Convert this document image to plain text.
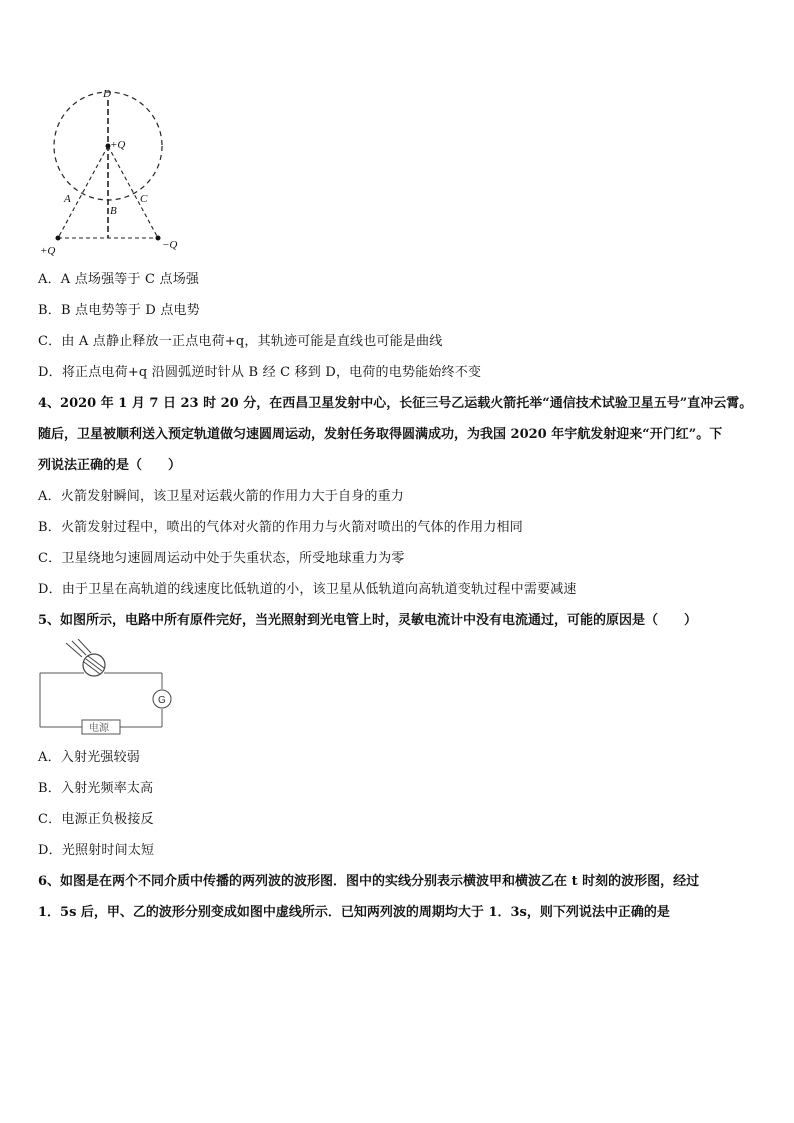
D
+Q
A
B
C
+Q	−Q
A．A 点场强等于 C 点场强
B．B 点电势等于 D 点电势
C．由 A 点静止释放一正点电荷+q，其轨迹可能是直线也可能是曲线
D．将正点电荷+q 沿圆弧逆时针从 B 经 C 移到 D，电荷的电势能始终不变
4、2020 年 1 月 7 日 23 时 20 分，在西昌卫星发射中心，长征三号乙运载火箭托举“通信技术试验卫星五号”直冲云霄。
随后，卫星被顺利送入预定轨道做匀速圆周运动，发射任务取得圆满成功，为我国 2020 年宇航发射迎来“开门红”。下
列说法正确的是（　　）
A．火箭发射瞬间，该卫星对运载火箭的作用力大于自身的重力
B．火箭发射过程中，喷出的气体对火箭的作用力与火箭对喷出的气体的作用力相同
C．卫星绕地匀速圆周运动中处于失重状态，所受地球重力为零
D．由于卫星在高轨道的线速度比低轨道的小，该卫星从低轨道向高轨道变轨过程中需要减速
5、如图所示，电路中所有原件完好，当光照射到光电管上时，灵敏电流计中没有电流通过，可能的原因是（　　）
G
电源
A．入射光强较弱
B．入射光频率太高
C．电源正负极接反
D．光照射时间太短
6、如图是在两个不同介质中传播的两列波的波形图．图中的实线分别表示横波甲和横波乙在 t 时刻的波形图，经过
1．5s 后，甲、乙的波形分别变成如图中虚线所示．已知两列波的周期均大于 1．3s，则下列说法中正确的是
